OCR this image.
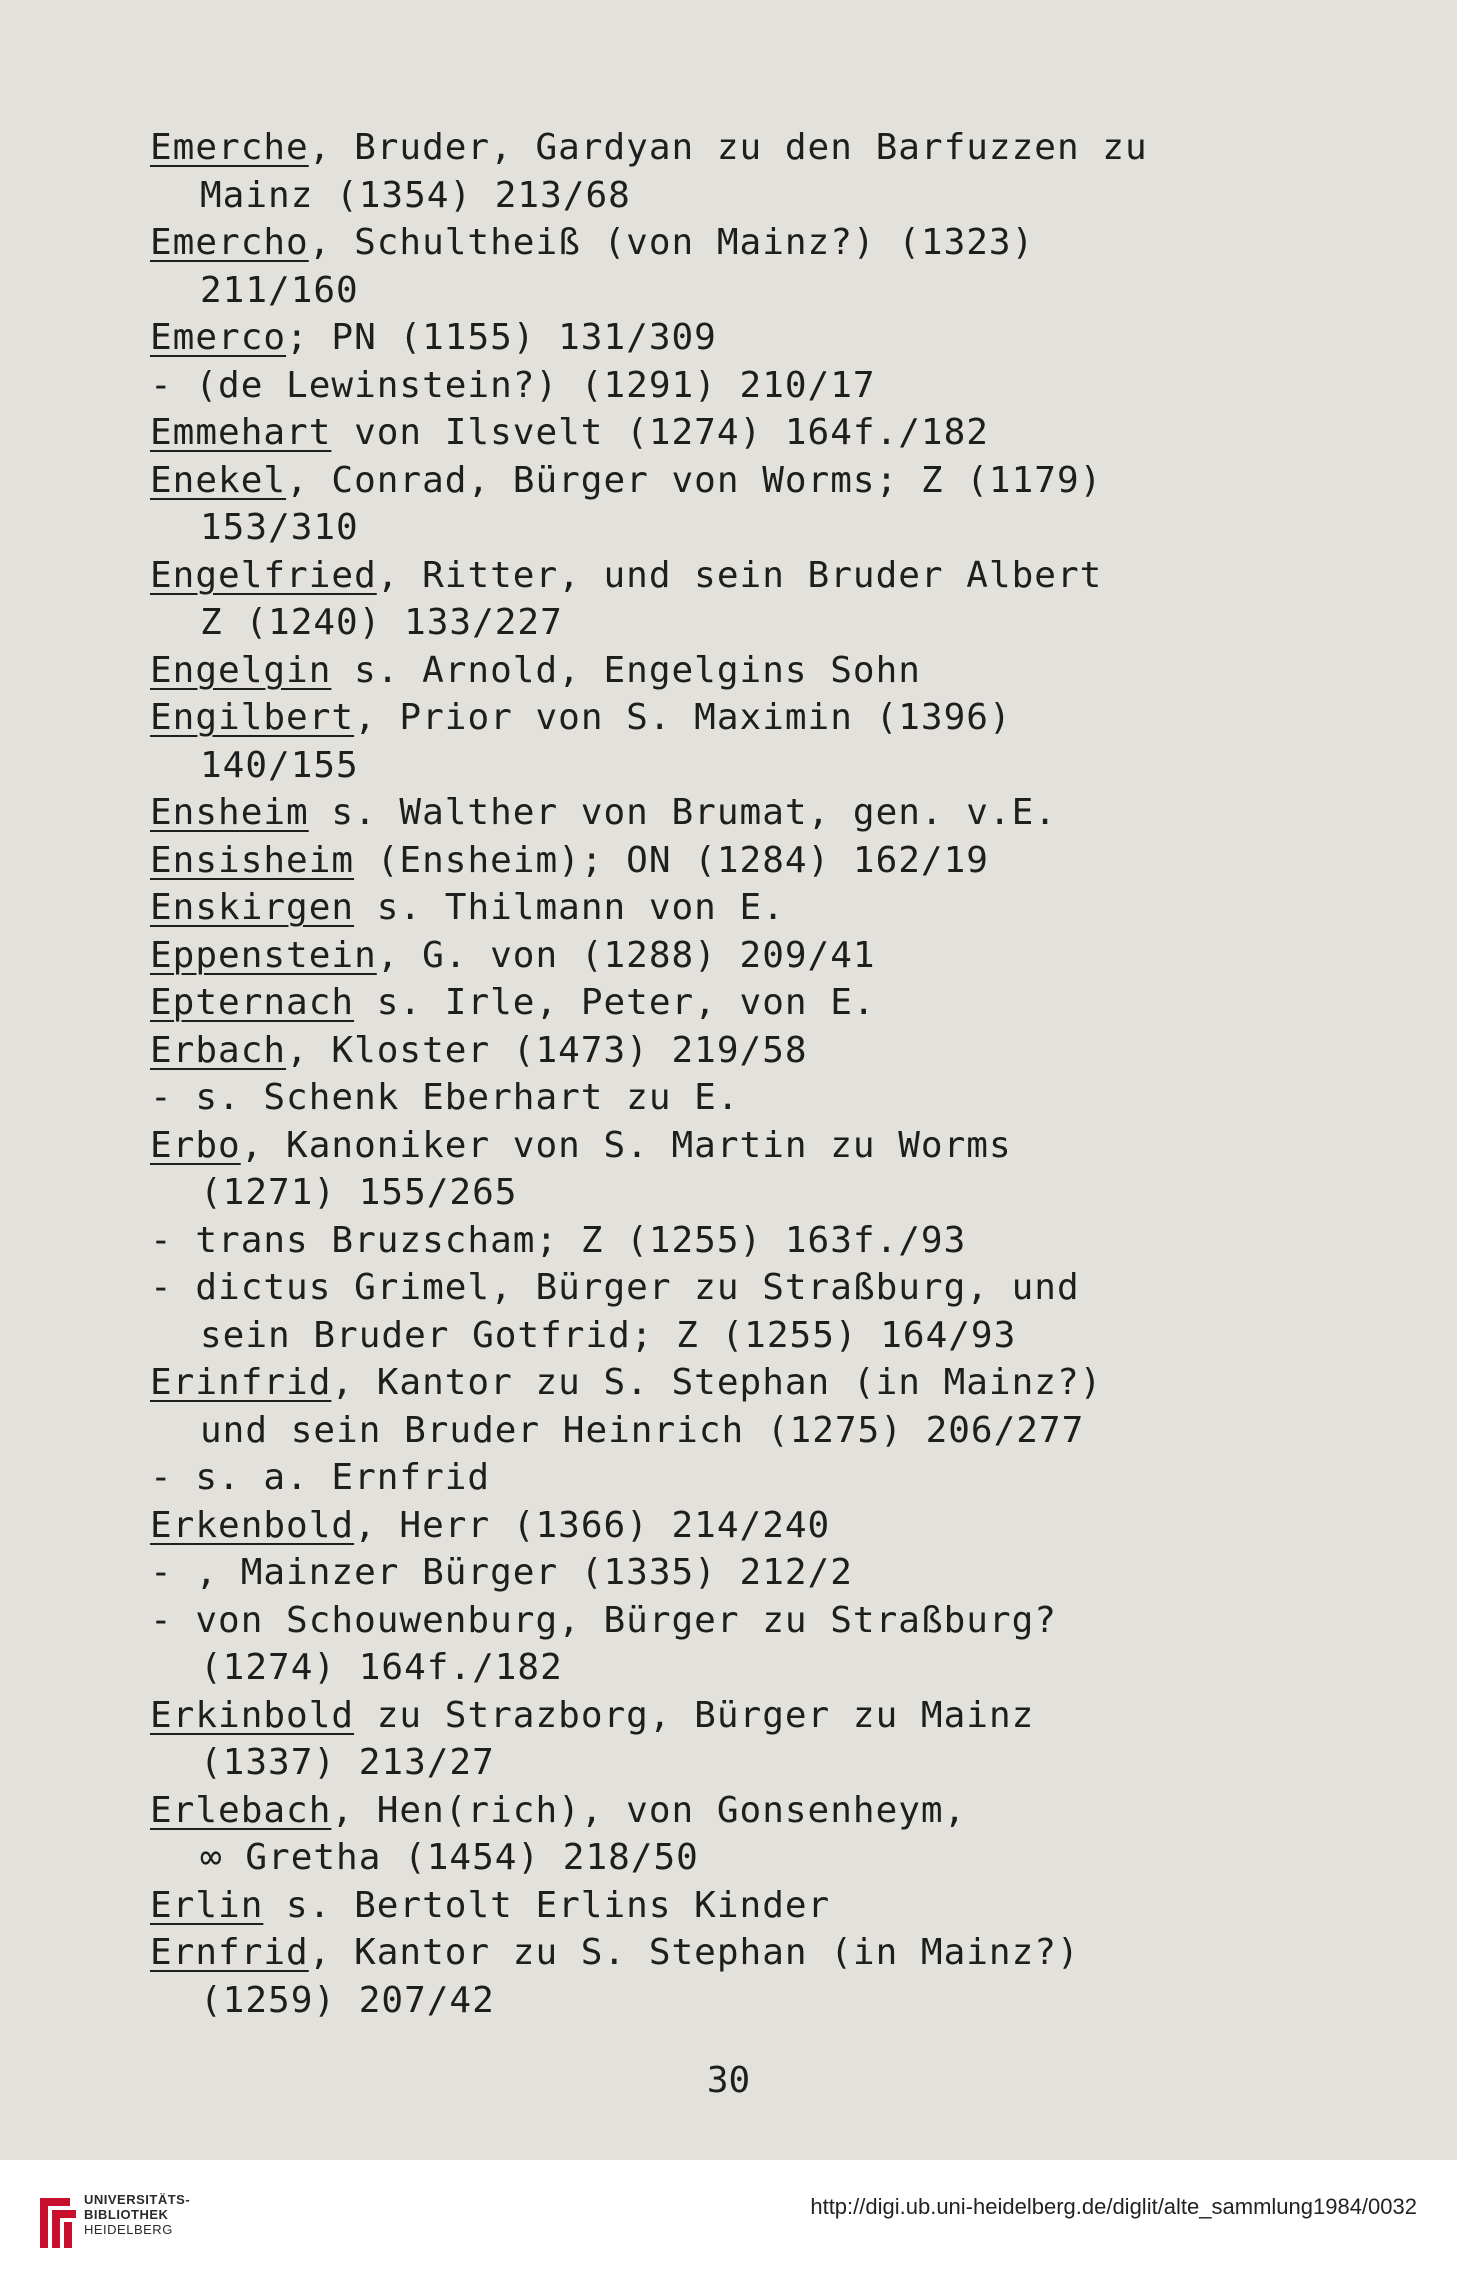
Emerche, Bruder, Gardyan zu den Barfuzzen zu
Mainz (1354) 213/68
Emercho, Schultheiß (von Mainz?) (1323)
211/160
Emerco; PN (1155) 131/309
- (de Lewinstein?) (1291) 210/17
Emmehart von Ilsvelt (1274) 164f./182
Enekel, Conrad, Bürger von Worms; Z (1179)
153/310
Engelfried, Ritter, und sein Bruder Albert
Z (1240) 133/227
Engelgin s. Arnold, Engelgins Sohn
Engilbert, Prior von S. Maximin (1396)
140/155
Ensheim s. Walther von Brumat, gen. v.E.
Ensisheim (Ensheim); ON (1284) 162/19
Enskirgen s. Thilmann von E.
Eppenstein, G. von (1288) 209/41
Epternach s. Irle, Peter, von E.
Erbach, Kloster (1473) 219/58
- s. Schenk Eberhart zu E.
Erbo, Kanoniker von S. Martin zu Worms
(1271) 155/265
- trans Bruzscham; Z (1255) 163f./93
- dictus Grimel, Bürger zu Straßburg, und
sein Bruder Gotfrid; Z (1255) 164/93
Erinfrid, Kantor zu S. Stephan (in Mainz?)
und sein Bruder Heinrich (1275) 206/277
- s. a. Ernfrid
Erkenbold, Herr (1366) 214/240
- , Mainzer Bürger (1335) 212/2
- von Schouwenburg, Bürger zu Straßburg?
(1274) 164f./182
Erkinbold zu Strazborg, Bürger zu Mainz
(1337) 213/27
Erlebach, Hen(rich), von Gonsenheym,
∞ Gretha (1454) 218/50
Erlin s. Bertolt Erlins Kinder
Ernfrid, Kantor zu S. Stephan (in Mainz?)
(1259) 207/42
30
UNIVERSITÄTS-
BIBLIOTHEK
HEIDELBERG
http://digi.ub.uni-heidelberg.de/diglit/alte_sammlung1984/0032
